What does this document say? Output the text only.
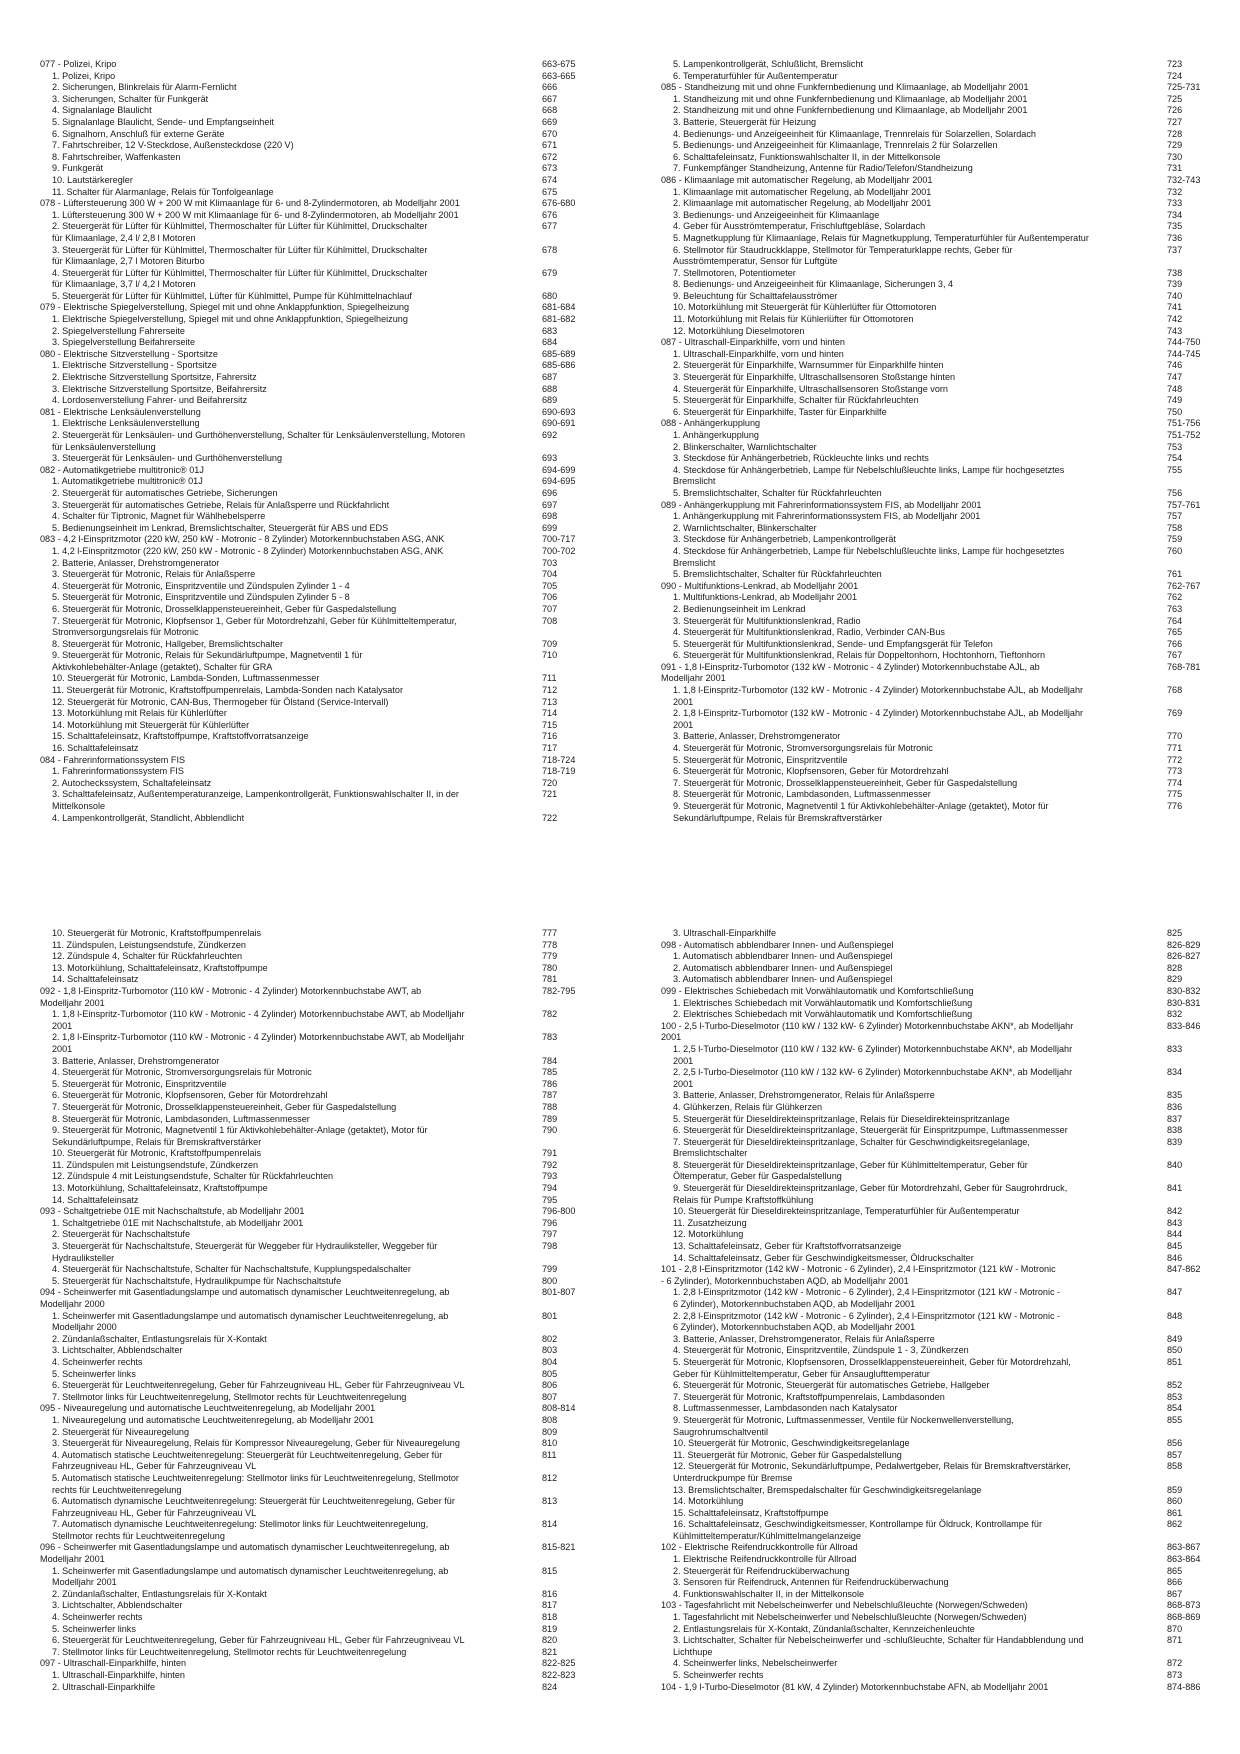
077 - Polizei, Kripo	663-675
1. Polizei, Kripo	663-665
2. Sicherungen, Blinkrelais für Alarm-Fernlicht	666
3. Sicherungen, Schalter für Funkgerät	667
4. Signalanlage Blaulicht	668
5. Signalanlage Blaulicht, Sende- und Empfangseinheit	669
6. Signalhorn, Anschluß für externe Geräte	670
7. Fahrtschreiber, 12 V-Steckdose, Außensteckdose (220 V)	671
8. Fahrtschreiber, Waffenkasten	672
9. Funkgerät	673
10. Lautstärkeregler	674
11. Schalter für Alarmanlage, Relais für Tonfolgeanlage	675
078 - Lüftersteuerung 300 W + 200 W mit Klimaanlage für 6- und 8-Zylindermotoren, ab Modelljahr 2001	676-680
1. Lüftersteuerung 300 W + 200 W mit Klimaanlage für 6- und 8-Zylindermotoren, ab Modelljahr 2001	676
2. Steuergerät für Lüfter für Kühlmittel, Thermoschalter für Lüfter für Kühlmittel, Druckschalter	677
für Klimaanlage, 2,4 l/ 2,8 l Motoren
3. Steuergerät für Lüfter für Kühlmittel, Thermoschalter für Lüfter für Kühlmittel, Druckschalter	678
für Klimaanlage, 2,7 l Motoren Biturbo
4. Steuergerät für Lüfter für Kühlmittel, Thermoschalter für Lüfter für Kühlmittel, Druckschalter	679
für Klimaanlage, 3,7 l/ 4,2 l Motoren
5. Steuergerät für Lüfter für Kühlmittel, Lüfter für Kühlmittel, Pumpe für Kühlmittelnachlauf	680
079 - Elektrische Spiegelverstellung, Spiegel mit und ohne Anklappfunktion, Spiegelheizung	681-684
1. Elektrische Spiegelverstellung, Spiegel mit und ohne Anklappfunktion, Spiegelheizung	681-682
2. Spiegelverstellung Fahrerseite	683
3. Spiegelverstellung Beifahrerseite	684
080 - Elektrische Sitzverstellung - Sportsitze	685-689
1. Elektrische Sitzverstellung - Sportsitze	685-686
2. Elektrische Sitzverstellung Sportsitze, Fahrersitz	687
3. Elektrische Sitzverstellung Sportsitze, Beifahrersitz	688
4. Lordosenverstellung Fahrer- und Beifahrersitz	689
081 - Elektrische Lenksäulenverstellung	690-693
1. Elektrische Lenksäulenverstellung	690-691
2. Steuergerät für Lenksäulen- und Gurthöhenverstellung, Schalter für Lenksäulenverstellung, Motoren	692
für Lenksäulenverstellung
3. Steuergerät für Lenksäulen- und Gurthöhenverstellung	693
082 - Automatikgetriebe multitronic® 01J	694-699
1. Automatikgetriebe multitronic® 01J	694-695
2. Steuergerät für automatisches Getriebe, Sicherungen	696
3. Steuergerät für automatisches Getriebe, Relais für Anlaßsperre und Rückfahrlicht	697
4. Schalter für Tiptronic, Magnet für Wählhebelsperre	698
5. Bedienungseinheit im Lenkrad, Bremslichtschalter, Steuergerät für ABS und EDS	699
083 - 4,2 l-Einspritzmotor (220 kW, 250 kW - Motronic - 8 Zylinder) Motorkennbuchstaben ASG, ANK	700-717
1. 4,2 l-Einspritzmotor (220 kW, 250 kW - Motronic - 8 Zylinder) Motorkennbuchstaben ASG, ANK	700-702
2. Batterie, Anlasser, Drehstromgenerator	703
3. Steuergerät für Motronic, Relais für Anlaßsperre	704
4. Steuergerät für Motronic, Einspritzventile und Zündspulen Zylinder 1 - 4	705
5. Steuergerät für Motronic, Einspritzventile und Zündspulen Zylinder 5 - 8	706
6. Steuergerät für Motronic, Drosselklappensteuereinheit, Geber für Gaspedalstellung	707
7. Steuergerät für Motronic, Klopfsensor 1, Geber für Motordrehzahl, Geber für Kühlmitteltemperatur,	708
Stromversorgungsrelais für Motronic
8. Steuergerät für Motronic, Hallgeber, Bremslichtschalter	709
9. Steuergerät für Motronic, Relais für Sekundärluftpumpe, Magnetventil 1 für	710
Aktivkohlebehälter-Anlage (getaktet), Schalter für GRA
10. Steuergerät für Motronic, Lambda-Sonden, Luftmassenmesser	711
11. Steuergerät für Motronic, Kraftstoffpumpenrelais, Lambda-Sonden nach Katalysator	712
12. Steuergerät für Motronic, CAN-Bus, Thermogeber für Ölstand (Service-Intervall)	713
13. Motorkühlung mit Relais für Kühlerlüfter	714
14. Motorkühlung mit Steuergerät für Kühlerlüfter	715
15. Schalttafeleinsatz, Kraftstoffpumpe, Kraftstoffvorratsanzeige	716
16. Schalttafeleinsatz	717
084 - Fahrerinformationssystem FIS	718-724
1. Fahrerinformationssystem FIS	718-719
2. Autocheckssystem, Schaltafeleinsatz	720
3. Schalttafeleinsatz, Außentemperaturanzeige, Lampenkontrollgerät, Funktionswahlschalter II, in der	721
Mittelkonsole
4. Lampenkontrollgerät, Standlicht, Abblendlicht	722
5. Lampenkontrollgerät, Schlußlicht, Bremslicht	723
6. Temperaturfühler für Außentemperatur	724
085 - Standheizung mit und ohne Funkfernbedienung und Klimaanlage, ab Modelljahr 2001	725-731
1. Standheizung mit und ohne Funkfernbedienung und Klimaanlage, ab Modelljahr 2001	725
2. Standheizung mit und ohne Funkfernbedienung und Klimaanlage, ab Modelljahr 2001	726
3. Batterie, Steuergerät für Heizung	727
4. Bedienungs- und Anzeigeeinheit für Klimaanlage, Trennrelais für Solarzellen, Solardach	728
5. Bedienungs- und Anzeigeeinheit für Klimaanlage, Trennrelais 2 für Solarzellen	729
6. Schalttafeleinsatz, Funktionswahlschalter II, in der Mittelkonsole	730
7. Funkempfänger Standheizung, Antenne für Radio/Telefon/Standheizung	731
086 - Klimaanlage mit automatischer Regelung, ab Modelljahr 2001	732-743
1. Klimaanlage mit automatischer Regelung, ab Modelljahr 2001	732
2. Klimaanlage mit automatischer Regelung, ab Modelljahr 2001	733
3. Bedienungs- und Anzeigeeinheit für Klimaanlage	734
4. Geber für Ausströmtemperatur, Frischluftgebläse, Solardach	735
5. Magnetkupplung für Klimaanlage, Relais für Magnetkupplung, Temperaturfühler für Außentemperatur	736
6. Stellmotor für Staudruckklappe, Stellmotor für Temperaturklappe rechts, Geber für	737
Ausströmtemperatur, Sensor für Luftgüte
7. Stellmotoren, Potentiometer	738
8. Bedienungs- und Anzeigeeinheit für Klimaanlage, Sicherungen 3, 4	739
9. Beleuchtung für Schalttafelausströmer	740
10. Motorkühlung mit Steuergerät für Kühlerlüfter für Ottomotoren	741
11. Motorkühlung mit Relais für Kühlerlüfter für Ottomotoren	742
12. Motorkühlung Dieselmotoren	743
087 - Ultraschall-Einparkhilfe, vorn und hinten	744-750
1. Ultraschall-Einparkhilfe, vorn und hinten	744-745
2. Steuergerät für Einparkhilfe, Warnsummer für Einparkhilfe hinten	746
3. Steuergerät für Einparkhilfe, Ultraschallsensoren Stoßstange hinten	747
4. Steuergerät für Einparkhilfe, Ultraschallsensoren Stoßstange vorn	748
5. Steuergerät für Einparkhilfe, Schalter für Rückfahrleuchten	749
6. Steuergerät für Einparkhilfe, Taster für Einparkhilfe	750
088 - Anhängerkupplung	751-756
1. Anhängerkupplung	751-752
2. Blinkerschalter, Warnlichtschalter	753
3. Steckdose für Anhängerbetrieb, Rückleuchte links und rechts	754
4. Steckdose für Anhängerbetrieb, Lampe für Nebelschlußleuchte links, Lampe für hochgesetztes	755
Bremslicht
5. Bremslichtschalter, Schalter für Rückfahrleuchten	756
089 - Anhängerkupplung mit Fahrerinformationssystem FIS, ab Modelljahr 2001	757-761
1. Anhängerkupplung mit Fahrerinformationssystem FIS, ab Modelljahr 2001	757
2. Warnlichtschalter, Blinkerschalter	758
3. Steckdose für Anhängerbetrieb, Lampenkontrollgerät	759
4. Steckdose für Anhängerbetrieb, Lampe für Nebelschlußleuchte links, Lampe für hochgesetztes	760
Bremslicht
5. Bremslichtschalter, Schalter für Rückfahrleuchten	761
090 - Multifunktions-Lenkrad, ab Modelljahr 2001	762-767
1. Multifunktions-Lenkrad, ab Modelljahr 2001	762
2. Bedienungseinheit im Lenkrad	763
3. Steuergerät für Multifunktionslenkrad, Radio	764
4. Steuergerät für Multifunktionslenkrad, Radio, Verbinder CAN-Bus	765
5. Steuergerät für Multifunktionslenkrad, Sende- und Empfangsgerät für Telefon	766
6. Steuergerät für Multifunktionslenkrad, Relais für Doppeltonhorn, Hochtonhorn, Tieftonhorn	767
091 - 1,8 l-Einspritz-Turbomotor (132 kW - Motronic - 4 Zylinder) Motorkennbuchstabe AJL, ab	768-781
Modelljahr 2001
1. 1,8 l-Einspritz-Turbomotor (132 kW - Motronic - 4 Zylinder) Motorkennbuchstabe AJL, ab Modelljahr	768
2001
2. 1,8 l-Einspritz-Turbomotor (132 kW - Motronic - 4 Zylinder) Motorkennbuchstabe AJL, ab Modelljahr	769
2001
3. Batterie, Anlasser, Drehstromgenerator	770
4. Steuergerät für Motronic, Stromversorgungsrelais für Motronic	771
5. Steuergerät für Motronic, Einspritzventile	772
6. Steuergerät für Motronic, Klopfsensoren, Geber für Motordrehzahl	773
7. Steuergerät für Motronic, Drosselklappensteuereinheit, Geber für Gaspedalstellung	774
8. Steuergerät für Motronic, Lambdasonden, Luftmassenmesser	775
9. Steuergerät für Motronic, Magnetventil 1 für Aktivkohlebehälter-Anlage (getaktet), Motor für	776
Sekundärluftpumpe, Relais für Bremskraftverstärker
10. Steuergerät für Motronic, Kraftstoffpumpenrelais	777
11. Zündspulen, Leistungsendstufe, Zündkerzen	778
12. Zündspule 4, Schalter für Rückfahrleuchten	779
13. Motorkühlung, Schalttafeleinsatz, Kraftstoffpumpe	780
14. Schalttafeleinsatz	781
092 - 1,8 l-Einspritz-Turbomotor (110 kW - Motronic - 4 Zylinder) Motorkennbuchstabe AWT, ab	782-795
Modelljahr 2001
1. 1,8 l-Einspritz-Turbomotor (110 kW - Motronic - 4 Zylinder) Motorkennbuchstabe AWT, ab Modelljahr	782
2001
2. 1,8 l-Einspritz-Turbomotor (110 kW - Motronic - 4 Zylinder) Motorkennbuchstabe AWT, ab Modelljahr	783
2001
3. Batterie, Anlasser, Drehstromgenerator	784
4. Steuergerät für Motronic, Stromversorgungsrelais für Motronic	785
5. Steuergerät für Motronic, Einspritzventile	786
6. Steuergerät für Motronic, Klopfsensoren, Geber für Motordrehzahl	787
7. Steuergerät für Motronic, Drosselklappensteuereinheit, Geber für Gaspedalstellung	788
8. Steuergerät für Motronic, Lambdasonden, Luftmassenmesser	789
9. Steuergerät für Motronic, Magnetventil 1 für Aktivkohlebehälter-Anlage (getaktet), Motor für	790
Sekundärluftpumpe, Relais für Bremskraftverstärker
10. Steuergerät für Motronic, Kraftstoffpumpenrelais	791
11. Zündspulen mit Leistungsendstufe, Zündkerzen	792
12. Zündspule 4 mit Leistungsendstufe, Schalter für Rückfahrleuchten	793
13. Motorkühlung, Schalttafeleinsatz, Kraftstoffpumpe	794
14. Schalttafeleinsatz	795
093 - Schaltgetriebe 01E mit Nachschaltstufe, ab Modelljahr 2001	796-800
1. Schaltgetriebe 01E mit Nachschaltstufe, ab Modelljahr 2001	796
2. Steuergerät für Nachschaltstufe	797
3. Steuergerät für Nachschaltstufe, Steuergerät für Weggeber für Hydrauliksteller, Weggeber für	798
Hydrauliksteller
4. Steuergerät für Nachschaltstufe, Schalter für Nachschaltstufe, Kupplungspedalschalter	799
5. Steuergerät für Nachschaltstufe, Hydraulikpumpe für Nachschaltstufe	800
094 - Scheinwerfer mit Gasentladungslampe und automatisch dynamischer Leuchtweitenregelung, ab	801-807
Modelljahr 2000
1. Scheinwerfer mit Gasentladungslampe und automatisch dynamischer Leuchtweitenregelung, ab	801
Modelljahr 2000
2. Zündanlaßschalter, Entlastungsrelais für X-Kontakt	802
3. Lichtschalter, Abblendschalter	803
4. Scheinwerfer rechts	804
5. Scheinwerfer links	805
6. Steuergerät für Leuchtweitenregelung, Geber für Fahrzeugniveau HL, Geber für Fahrzeugniveau VL	806
7. Stellmotor links für Leuchtweitenregelung, Stellmotor rechts für Leuchtweitenregelung	807
095 - Niveauregelung und automatische Leuchtweitenregelung, ab Modelljahr 2001	808-814
1. Niveauregelung und automatische Leuchtweitenregelung, ab Modelljahr 2001	808
2. Steuergerät für Niveauregelung	809
3. Steuergerät für Niveauregelung, Relais für Kompressor Niveauregelung, Geber für Niveauregelung	810
4. Automatisch statische Leuchtweitenregelung: Steuergerät für Leuchtweitenregelung, Geber für	811
Fahrzeugniveau HL, Geber für Fahrzeugniveau VL
5. Automatisch statische Leuchtweitenregelung: Stellmotor links für Leuchtweitenregelung, Stellmotor	812
rechts für Leuchtweitenregelung
6. Automatisch dynamische Leuchtweitenregelung: Steuergerät für Leuchtweitenregelung, Geber für	813
Fahrzeugniveau HL, Geber für Fahrzeugniveau VL
7. Automatisch dynamische Leuchtweitenregelung: Stellmotor links für Leuchtweitenregelung,	814
Stellmotor rechts für Leuchtweitenregelung
096 - Scheinwerfer mit Gasentladungslampe und automatisch dynamischer Leuchtweitenregelung, ab	815-821
Modelljahr 2001
1. Scheinwerfer mit Gasentladungslampe und automatisch dynamischer Leuchtweitenregelung, ab	815
Modelljahr 2001
2. Zündanlaßschalter, Entlastungsrelais für X-Kontakt	816
3. Lichtschalter, Abblendschalter	817
4. Scheinwerfer rechts	818
5. Scheinwerfer links	819
6. Steuergerät für Leuchtweitenregelung, Geber für Fahrzeugniveau HL, Geber für Fahrzeugniveau VL	820
7. Stellmotor links für Leuchtweitenregelung, Stellmotor rechts für Leuchtweitenregelung	821
097 - Ultraschall-Einparkhilfe, hinten	822-825
1. Ultraschall-Einparkhilfe, hinten	822-823
2. Ultraschall-Einparkhilfe	824
3. Ultraschall-Einparkhilfe	825
098 - Automatisch abblendbarer Innen- und Außenspiegel	826-829
1. Automatisch abblendbarer Innen- und Außenspiegel	826-827
2. Automatisch abblendbarer Innen- und Außenspiegel	828
3. Automatisch abblendbarer Innen- und Außenspiegel	829
099 - Elektrisches Schiebedach mit Vorwählautomatik und Komfortschließung	830-832
1. Elektrisches Schiebedach mit Vorwählautomatik und Komfortschließung	830-831
2. Elektrisches Schiebedach mit Vorwählautomatik und Komfortschließung	832
100 - 2,5 l-Turbo-Dieselmotor (110 kW / 132 kW- 6 Zylinder) Motorkennbuchstabe AKN*, ab Modelljahr	833-846
2001
1. 2,5 l-Turbo-Dieselmotor (110 kW / 132 kW- 6 Zylinder) Motorkennbuchstabe AKN*, ab Modelljahr	833
2001
2. 2,5 l-Turbo-Dieselmotor (110 kW / 132 kW- 6 Zylinder) Motorkennbuchstabe AKN*, ab Modelljahr	834
2001
3. Batterie, Anlasser, Drehstromgenerator, Relais für Anlaßsperre	835
4. Glühkerzen, Relais für Glühkerzen	836
5. Steuergerät für Dieseldirekteinspritzanlage, Relais für Dieseldirekteinspritzanlage	837
6. Steuergerät für Dieseldirekteinspritzanlage, Steuergerät für Einspritzpumpe, Luftmassenmesser	838
7. Steuergerät für Dieseldirekteinspritzanlage, Schalter für Geschwindigkeitsregelanlage,	839
Bremslichtschalter
8. Steuergerät für Dieseldirekteinspritzanlage, Geber für Kühlmitteltemperatur, Geber für	840
Öltemperatur, Geber für Gaspedalstellung
9. Steuergerät für Dieseldirekteinspritzanlage, Geber für Motordrehzahl, Geber für Saugrohrdruck,	841
Relais für Pumpe Kraftstoffkühlung
10. Steuergerät für Dieseldirekteinspritzanlage, Temperaturfühler für Außentemperatur	842
11. Zusatzheizung	843
12. Motorkühlung	844
13. Schalttafeleinsatz, Geber für Kraftstoffvorratsanzeige	845
14. Schalttafeleinsatz, Geber für Geschwindigkeitsmesser, Öldruckschalter	846
101 - 2,8 l-Einspritzmotor (142 kW - Motronic - 6 Zylinder), 2,4 l-Einspritzmotor (121 kW - Motronic	847-862
- 6 Zylinder), Motorkennbuchstaben AQD, ab Modelljahr 2001
1. 2,8 l-Einspritzmotor (142 kW - Motronic - 6 Zylinder), 2,4 l-Einspritzmotor (121 kW - Motronic -	847
6 Zylinder), Motorkennbuchstaben AQD, ab Modelljahr 2001
2. 2,8 l-Einspritzmotor (142 kW - Motronic - 6 Zylinder), 2,4 l-Einspritzmotor (121 kW - Motronic -	848
6 Zylinder), Motorkennbuchstaben AQD, ab Modelljahr 2001
3. Batterie, Anlasser, Drehstromgenerator, Relais für Anlaßsperre	849
4. Steuergerät für Motronic, Einspritzventile, Zündspule 1 - 3, Zündkerzen	850
5. Steuergerät für Motronic, Klopfsensoren, Drosselklappensteuereinheit, Geber für Motordrehzahl,	851
Geber für Kühlmitteltemperatur, Geber für Ansauglufttemperatur
6. Steuergerät für Motronic, Steuergerät für automatisches Getriebe, Hallgeber	852
7. Steuergerät für Motronic, Kraftstoffpumpenrelais, Lambdasonden	853
8. Luftmassenmesser, Lambdasonden nach Katalysator	854
9. Steuergerät für Motronic, Luftmassenmesser, Ventile für Nockenwellenverstellung,	855
Saugrohrumschaltventil
10. Steuergerät für Motronic, Geschwindigkeitsregelanlage	856
11. Steuergerät für Motronic, Geber für Gaspedalstellung	857
12. Steuergerät für Motronic, Sekundärluftpumpe, Pedalwertgeber, Relais für Bremskraftverstärker,	858
Unterdruckpumpe für Bremse
13. Bremslichtschalter, Bremspedalschalter für Geschwindigkeitsregelanlage	859
14. Motorkühlung	860
15. Schalttafeleinsatz, Kraftstoffpumpe	861
16. Schalttafeleinsatz, Geschwindigkeitsmesser, Kontrollampe für Öldruck, Kontrollampe für	862
Kühlmitteltemperatur/Kühlmittelmangelanzeige
102 - Elektrische Reifendruckkontrolle für Allroad	863-867
1. Elektrische Reifendruckkontrolle für Allroad	863-864
2. Steuergerät für Reifendrucküberwachung	865
3. Sensoren für Reifendruck, Antennen für Reifendrucküberwachung	866
4. Funktionswahlschalter II, in der Mittelkonsole	867
103 - Tagesfahrlicht mit Nebelscheinwerfer und Nebelschlußleuchte (Norwegen/Schweden)	868-873
1. Tagesfahrlicht mit Nebelscheinwerfer und Nebelschlußleuchte (Norwegen/Schweden)	868-869
2. Entlastungsrelais für X-Kontakt, Zündanlaßschalter, Kennzeichenleuchte	870
3. Lichtschalter, Schalter für Nebelscheinwerfer und -schlußleuchte, Schalter für Handabblendung und	871
Lichthupe
4. Scheinwerfer links, Nebelscheinwerfer	872
5. Scheinwerfer rechts	873
104 - 1,9 l-Turbo-Dieselmotor (81 kW, 4 Zylinder) Motorkennbuchstabe AFN, ab Modelljahr 2001	874-886
